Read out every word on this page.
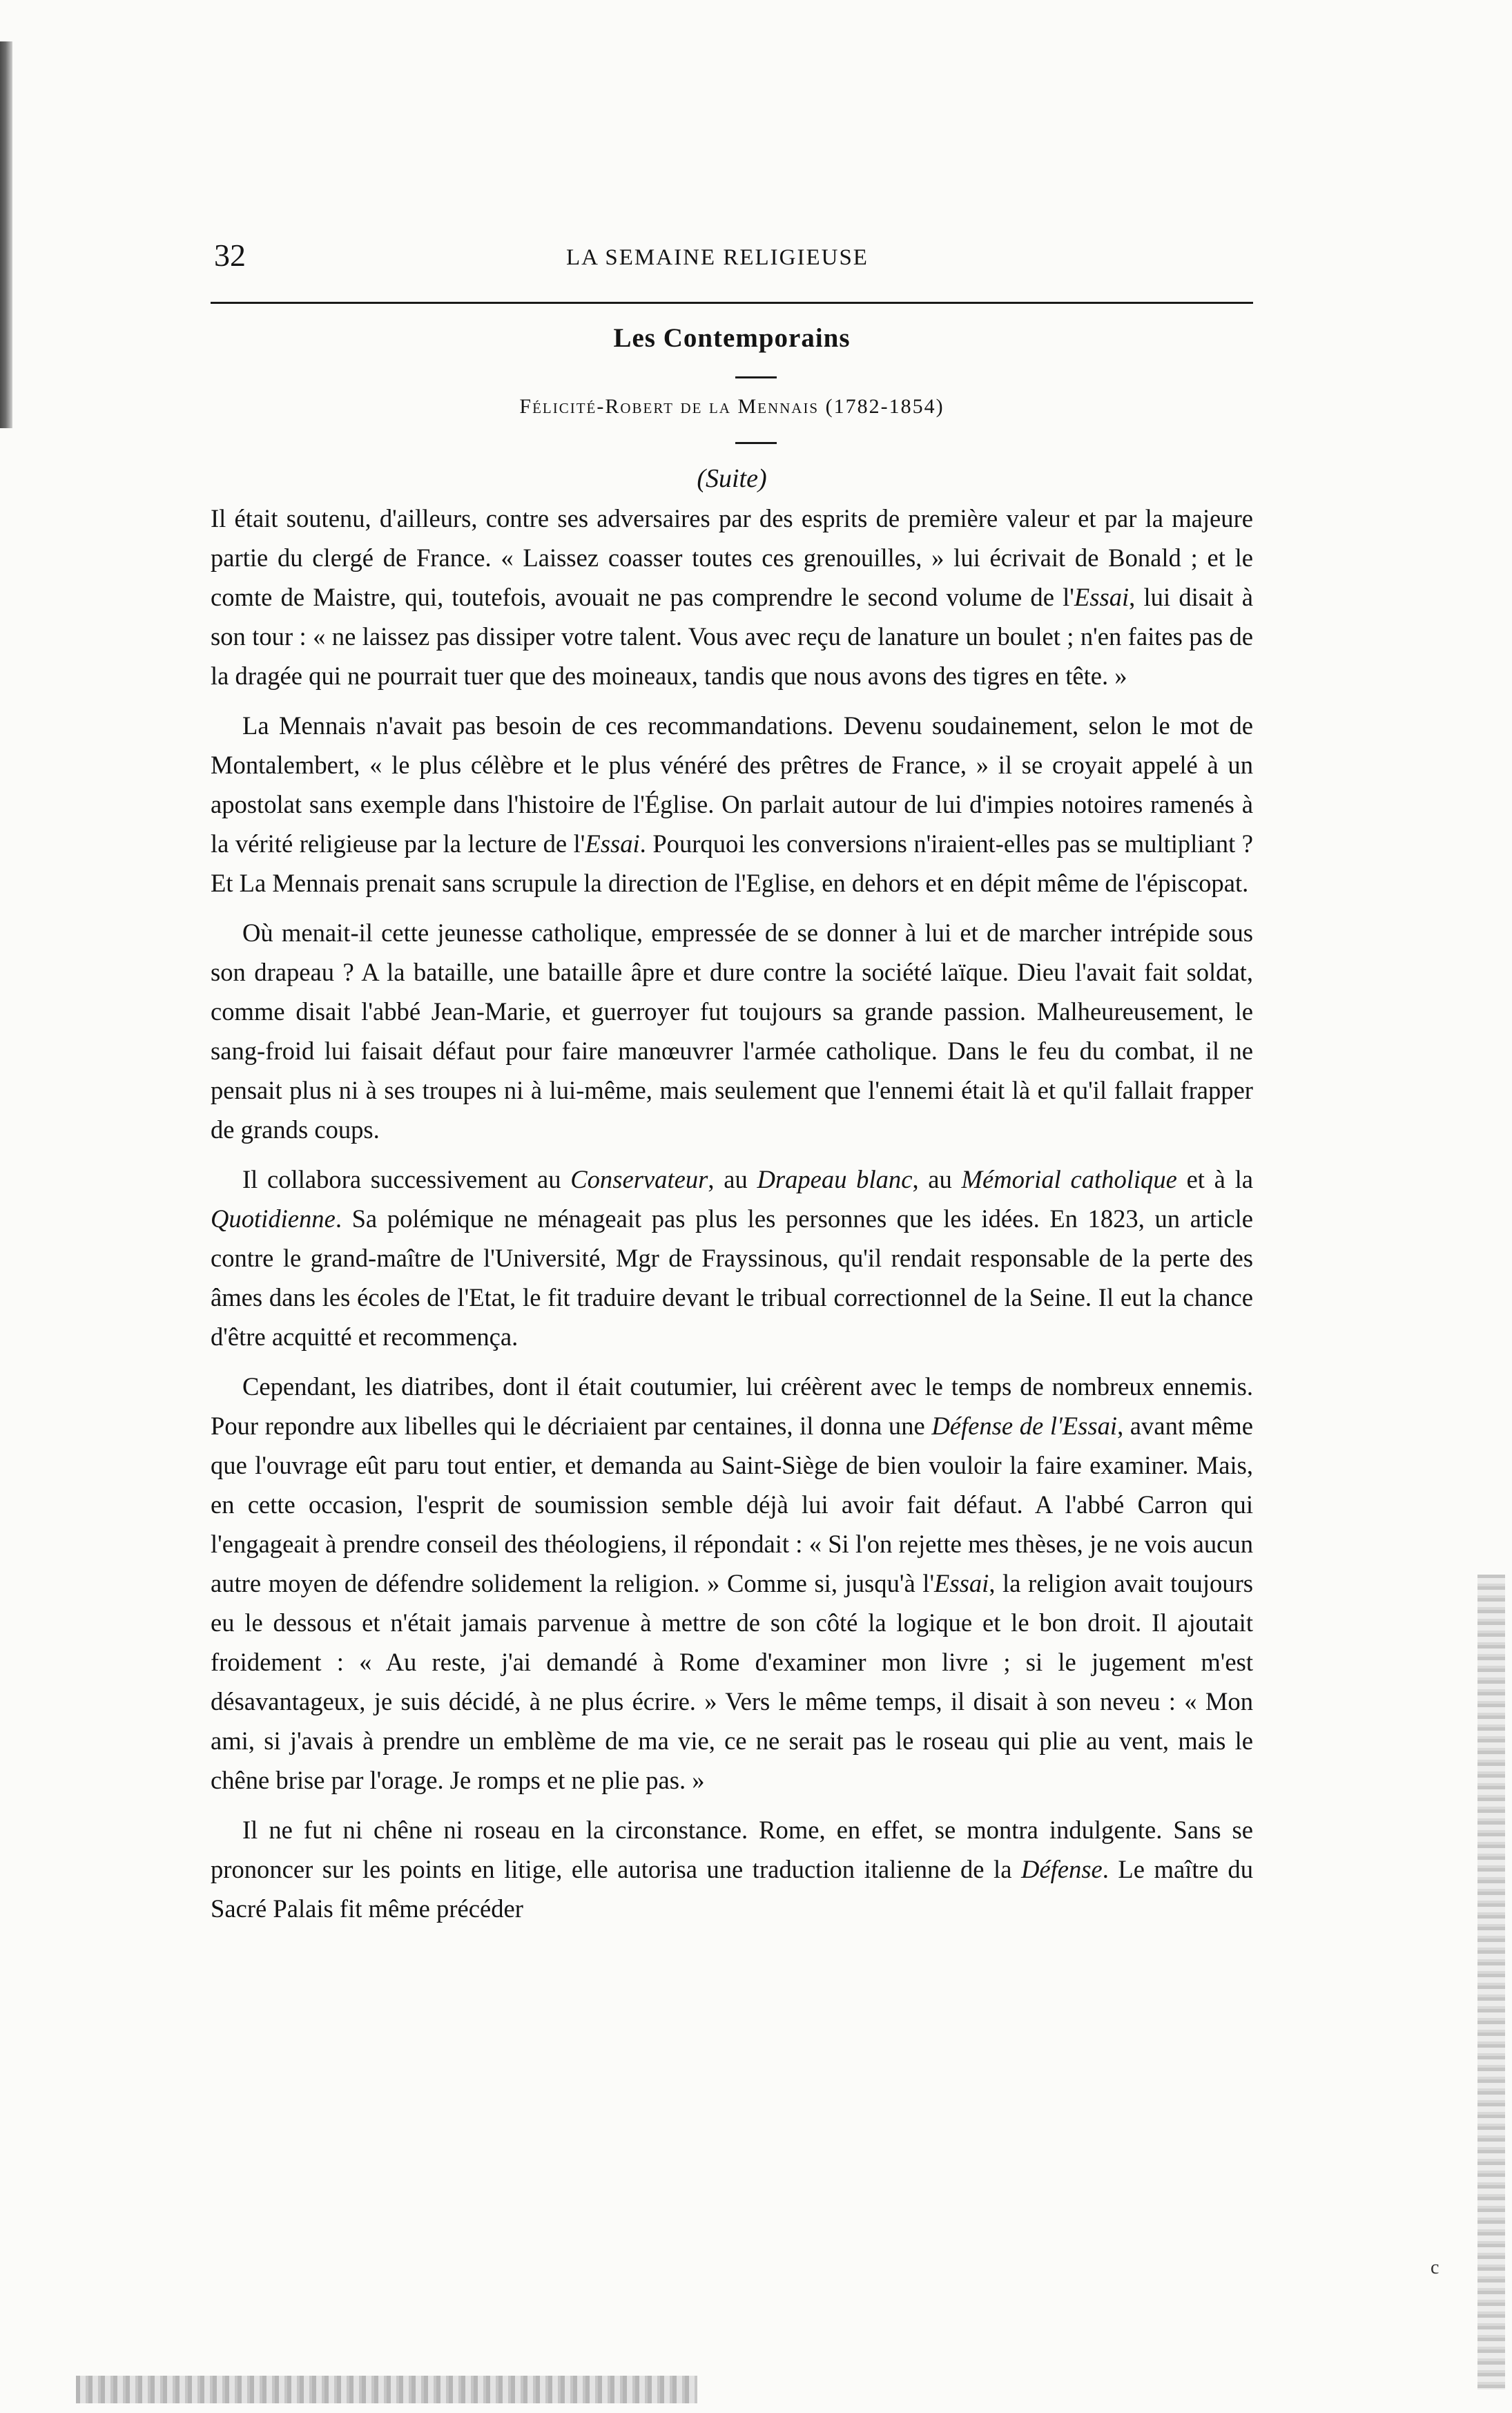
32	LA SEMAINE RELIGIEUSE
Les Contemporains
Félicité-Robert de la Mennais (1782-1854)
(Suite)

Il était soutenu, d'ailleurs, contre ses adversaires par des esprits de première valeur et par la majeure partie du clergé de France. « Laissez coasser toutes ces grenouilles, » lui écrivait de Bonald ; et le comte de Maistre, qui, toutefois, avouait ne pas comprendre le second volume de l'Essai, lui disait à son tour : « ne laissez pas dissiper votre talent. Vous avec reçu de lanature un boulet ; n'en faites pas de la dragée qui ne pourrait tuer que des moineaux, tandis que nous avons des tigres en tête. »

La Mennais n'avait pas besoin de ces recommandations. Devenu soudainement, selon le mot de Montalembert, « le plus célèbre et le plus vénéré des prêtres de France, » il se croyait appelé à un apostolat sans exemple dans l'histoire de l'Église. On parlait autour de lui d'impies notoires ramenés à la vérité religieuse par la lecture de l'Essai. Pourquoi les conversions n'iraient-elles pas se multipliant ? Et La Mennais prenait sans scrupule la direction de l'Eglise, en dehors et en dépit même de l'épiscopat.

Où menait-il cette jeunesse catholique, empressée de se donner à lui et de marcher intrépide sous son drapeau ? A la bataille, une bataille âpre et dure contre la société laïque. Dieu l'avait fait soldat, comme disait l'abbé Jean-Marie, et guerroyer fut toujours sa grande passion. Malheureusement, le sang-froid lui faisait défaut pour faire manœuvrer l'armée catholique. Dans le feu du combat, il ne pensait plus ni à ses troupes ni à lui-même, mais seulement que l'ennemi était là et qu'il fallait frapper de grands coups.

Il collabora successivement au Conservateur, au Drapeau blanc, au Mémorial catholique et à la Quotidienne. Sa polémique ne ménageait pas plus les personnes que les idées. En 1823, un article contre le grand-maître de l'Université, Mgr de Frayssinous, qu'il rendait responsable de la perte des âmes dans les écoles de l'Etat, le fit traduire devant le tribual correctionnel de la Seine. Il eut la chance d'être acquitté et recommença.

Cependant, les diatribes, dont il était coutumier, lui créèrent avec le temps de nombreux ennemis. Pour repondre aux libelles qui le décriaient par centaines, il donna une Défense de l'Essai, avant même que l'ouvrage eût paru tout entier, et demanda au Saint-Siège de bien vouloir la faire examiner. Mais, en cette occasion, l'esprit de soumission semble déjà lui avoir fait défaut. A l'abbé Carron qui l'engageait à prendre conseil des théologiens, il répondait : « Si l'on rejette mes thèses, je ne vois aucun autre moyen de défendre solidement la religion. » Comme si, jusqu'à l'Essai, la religion avait toujours eu le dessous et n'était jamais parvenue à mettre de son côté la logique et le bon droit. Il ajoutait froidement : « Au reste, j'ai demandé à Rome d'examiner mon livre ; si le jugement m'est désavantageux, je suis décidé, à ne plus écrire. » Vers le même temps, il disait à son neveu : « Mon ami, si j'avais à prendre un emblème de ma vie, ce ne serait pas le roseau qui plie au vent, mais le chêne brise par l'orage. Je romps et ne plie pas. »

Il ne fut ni chêne ni roseau en la circonstance. Rome, en effet, se montra indulgente. Sans se prononcer sur les points en litige, elle autorisa une traduction italienne de la Défense. Le maître du Sacré Palais fit même précéder

c
